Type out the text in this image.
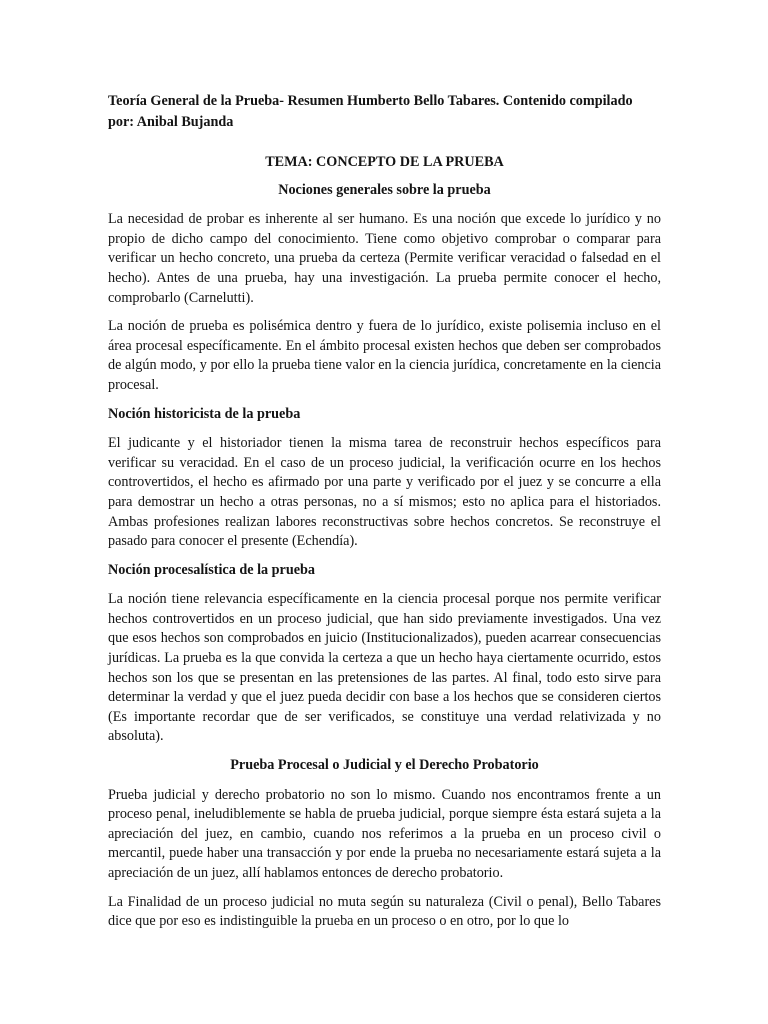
Teoría General de la Prueba- Resumen Humberto Bello Tabares. Contenido compilado por: Anibal Bujanda
TEMA: CONCEPTO DE LA PRUEBA
Nociones generales sobre la prueba

La necesidad de probar es inherente al ser humano. Es una noción que excede lo jurídico y no propio de dicho campo del conocimiento. Tiene como objetivo comprobar o comparar para verificar un hecho concreto, una prueba da certeza (Permite verificar veracidad o falsedad en el hecho). Antes de una prueba, hay una investigación. La prueba permite conocer el hecho, comprobarlo (Carnelutti).

La noción de prueba es polisémica dentro y fuera de lo jurídico, existe polisemia incluso en el área procesal específicamente. En el ámbito procesal existen hechos que deben ser comprobados de algún modo, y por ello la prueba tiene valor en la ciencia jurídica, concretamente en la ciencia procesal.

Noción historicista de la prueba

El judicante y el historiador tienen la misma tarea de reconstruir hechos específicos para verificar su veracidad. En el caso de un proceso judicial, la verificación ocurre en los hechos controvertidos, el hecho es afirmado por una parte y verificado por el juez y se concurre a ella para demostrar un hecho a otras personas, no a sí mismos; esto no aplica para el historiados. Ambas profesiones realizan labores reconstructivas sobre hechos concretos. Se reconstruye el pasado para conocer el presente (Echendía).

Noción procesalística de la prueba

La noción tiene relevancia específicamente en la ciencia procesal porque nos permite verificar hechos controvertidos en un proceso judicial, que han sido previamente investigados. Una vez que esos hechos son comprobados en juicio (Institucionalizados), pueden acarrear consecuencias jurídicas. La prueba es la que convida la certeza a que un hecho haya ciertamente ocurrido, estos hechos son los que se presentan en las pretensiones de las partes. Al final, todo esto sirve para determinar la verdad y que el juez pueda decidir con base a los hechos que se consideren ciertos (Es importante recordar que de ser verificados, se constituye una verdad relativizada y no absoluta).

Prueba Procesal o Judicial y el Derecho Probatorio

Prueba judicial y derecho probatorio no son lo mismo. Cuando nos encontramos frente a un proceso penal, ineludiblemente se habla de prueba judicial, porque siempre ésta estará sujeta a la apreciación del juez, en cambio, cuando nos referimos a la prueba en un proceso civil o mercantil, puede haber una transacción y por ende la prueba no necesariamente estará sujeta a la apreciación de un juez, allí hablamos entonces de derecho probatorio.

La Finalidad de un proceso judicial no muta según su naturaleza (Civil o penal), Bello Tabares dice que por eso es indistinguible la prueba en un proceso o en otro, por lo que lo
